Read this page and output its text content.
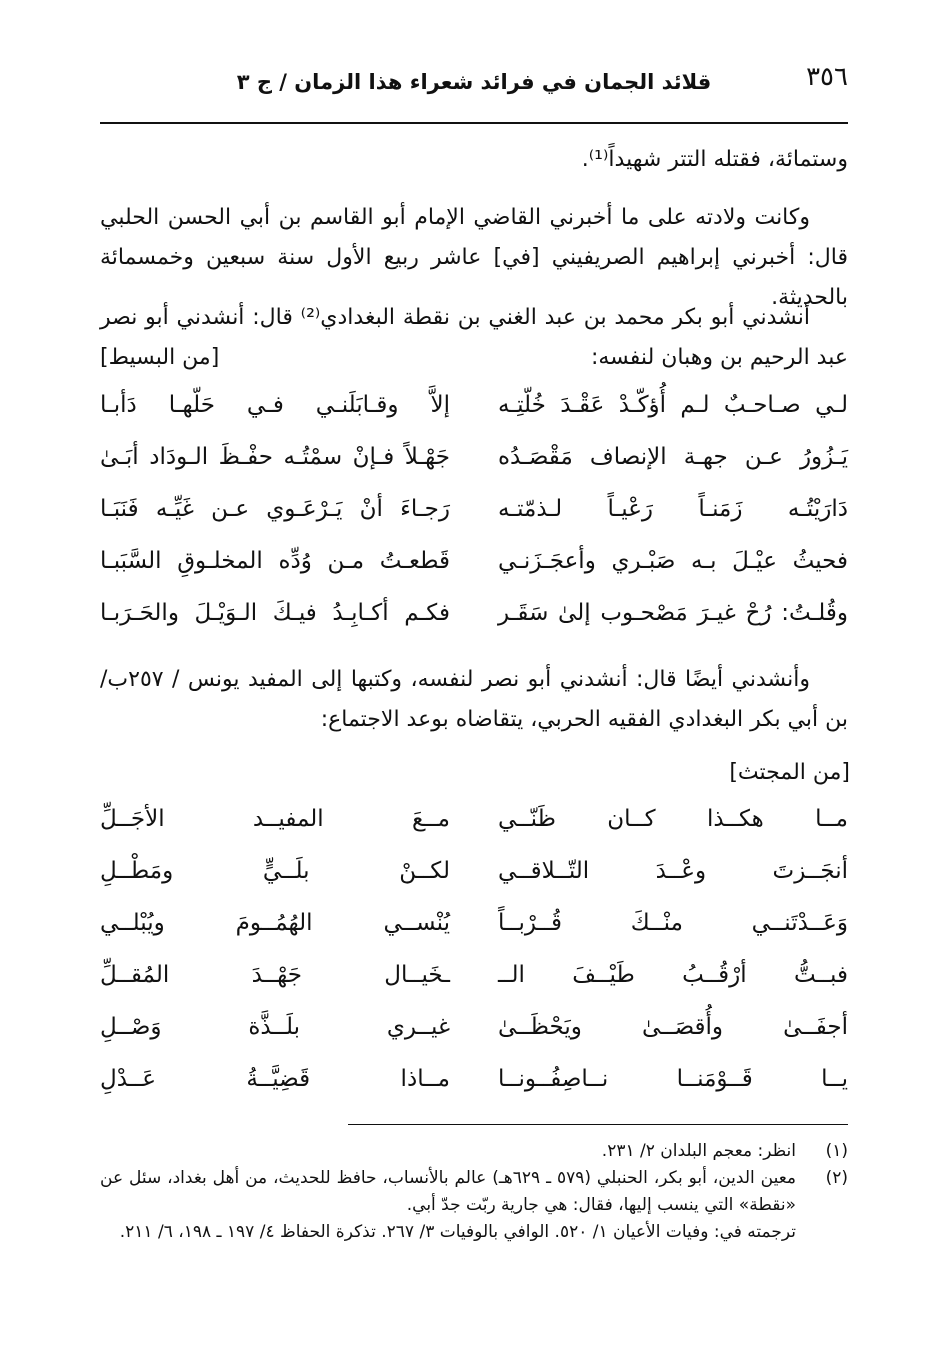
٣٥٦
قلائد الجمان في فرائد شعراء هذا الزمان / ج ٣
وستمائة، فقتله التتر شهيداً⁽¹⁾.
وكانت ولادته على ما أخبرني القاضي الإمام أبو القاسم بن أبي الحسن الحلبي قال: أخبرني إبراهيم الصريفيني [في] عاشر ربيع الأول سنة سبعين وخمسمائة بالحديثة.
أنشدني أبو بكر محمد بن عبد الغني بن نقطة البغدادي⁽²⁾ قال: أنشدني أبو نصر عبد الرحيم بن وهبان لنفسه:
[من البسيط]
لـي صـاحـبٌ لـم أُؤكّـدْ عَقْـدَ خُلّتِـه
إلاَّ وقـابَلَنـي فـي حَلّهـا دَأبـا
يَـزُورُ عـن جهـة الإنصاف مَقْصَـدُه
جَهْـلاً فـإنْ سمْتُـه حفْـظَ الـودَاد أبَـىٰ
دَارَيْتُـه زَمَنـاً رَعْيـاً لـذمّتـه
رَجـاءَ أنْ يَـرْعَـوي عـن غَيِّـه فَنَبَـا
فحيثُ عيْـلَ بـه صَبْـري وأعجَـزَنـي
قَطعـتُ مـن وُدِّه المخلـوقِ السَّبَبـا
وقُلـتُ: رُحْ غيـرَ مَصْحـوب إلىٰ سَقَـر
فكـم أكـابِـدُ فيـكَ الـوَيْـلَ والحَـرَبـا
وأنشدني أيضًا قال: أنشدني أبو نصر لنفسه، وكتبها إلى المفيد يونس / ٢٥٧ب/ بن أبي بكر البغدادي الفقيه الحربي، يتقاضاه بوعد الاجتماع:
[من المجتث]
مــا هكــذا كــان ظَنّــي
مــعَ المفيــد الأجَــلِّ
أنجَــزتَ وعْــدَ التّــلاقــي
لكــنْ بلَــيٍّ ومَطْــلِ
وَعَــدْتَنــي منْــكَ قُــرْبــاً
يُنْســي الهُمُــومَ ويُبْلــي
فبــتُّ أرْقُــبُ طَيْــفَ الــ
ـخَيــال جَهْــدَ المُقــلِّ
أجفَــىٰ وأُقصَــىٰ ويَحْظَــىٰ
غيــري بلَــذَّة وَصْــلِ
يــا قَــوْمَنــا نــاصِفُــونــا
مــاذا قَضِيَّــةُ عَــدْلِ
(١)
انظر: معجم البلدان ٢/ ٢٣١.
(٢)
معين الدين، أبو بكر، الحنبلي (٥٧٩ ـ ٦٢٩هـ) عالم بالأنساب، حافظ للحديث، من أهل بغداد، سئل عن «نقطة» التي ينسب إليها، فقال: هي جارية ربّت جدّ أبي.
ترجمته في: وفيات الأعيان ١/ ٥٢٠. الوافي بالوفيات ٣/ ٢٦٧. تذكرة الحفاظ ٤/ ١٩٧ ـ ١٩٨، ٦/ ٢١١.
